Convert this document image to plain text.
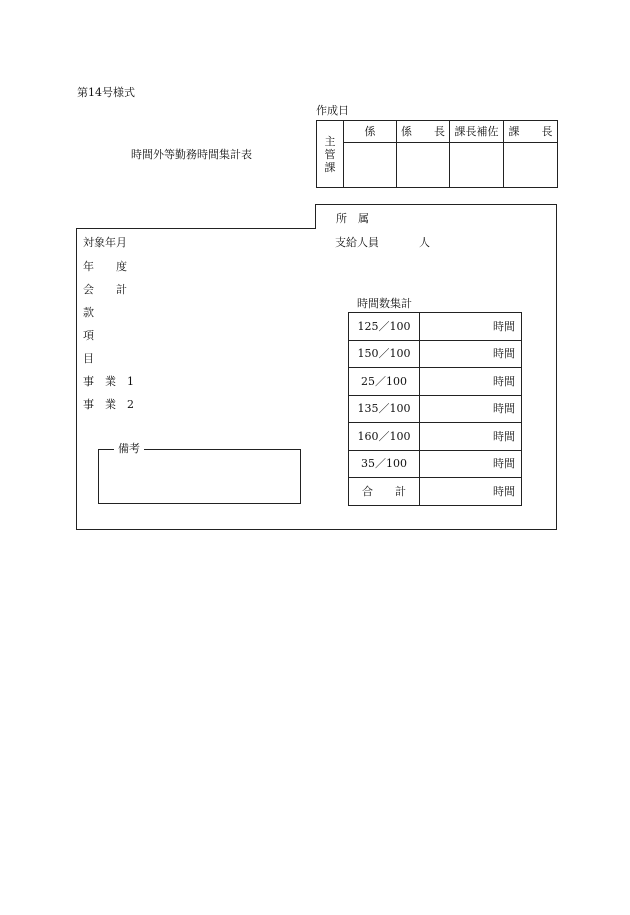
第14号様式
作成日
時間外等勤務時間集計表
主
管
課	係	係　　長	課長補佐	課　　長

所　属
支給人員	人
対象年月
年　　度
会　　計
款
項
目
事　業　1
事　業　2
備考
時間数集計
125／100	時間
150／100	時間
25／100	時間
135／100	時間
160／100	時間
35／100	時間
合　　計	時間
